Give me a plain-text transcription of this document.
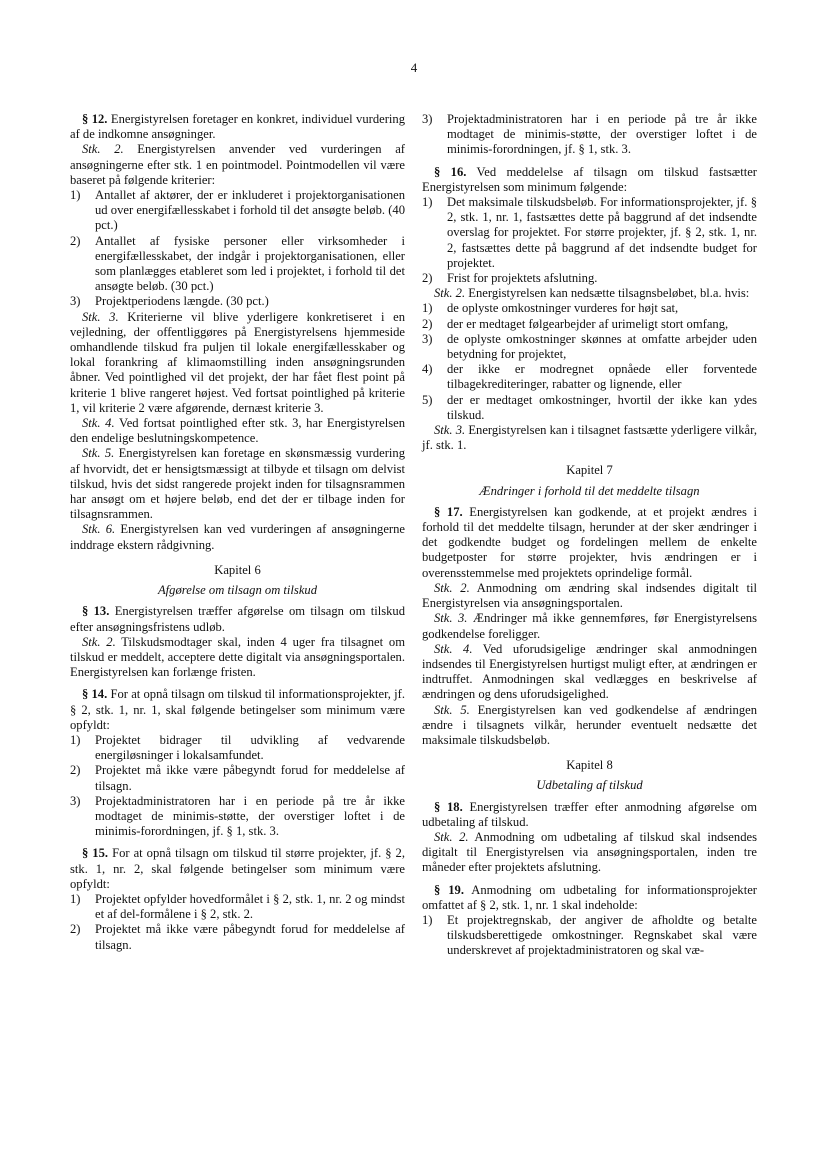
4

§ 12. Energistyrelsen foretager en konkret, individuel vurdering af de indkomne ansøgninger.

Stk. 2. Energistyrelsen anvender ved vurderingen af ansøgningerne efter stk. 1 en pointmodel. Pointmodellen vil være baseret på følgende kriterier:

1)	Antallet af aktører, der er inkluderet i projektorganisationen ud over energifællesskabet i forhold til det ansøgte beløb. (40 pct.)
2)	Antallet af fysiske personer eller virksomheder i energifællesskabet, der indgår i projektorganisationen, eller som planlægges etableret som led i projektet, i forhold til det ansøgte beløb. (30 pct.)
3)	Projektperiodens længde. (30 pct.)

Stk. 3. Kriterierne vil blive yderligere konkretiseret i en vejledning, der offentliggøres på Energistyrelsens hjemmeside omhandlende tilskud fra puljen til lokale energifællesskaber og lokal forankring af klimaomstilling inden ansøgningsrunden åbner. Ved pointlighed vil det projekt, der har fået flest point på kriterie 1 blive rangeret højest. Ved fortsat pointlighed på kriterie 1, vil kriterie 2 være afgørende, dernæst kriterie 3.

Stk. 4. Ved fortsat pointlighed efter stk. 3, har Energistyrelsen den endelige beslutningskompetence.

Stk. 5. Energistyrelsen kan foretage en skønsmæssig vurdering af hvorvidt, det er hensigtsmæssigt at tilbyde et tilsagn om delvist tilskud, hvis det sidst rangerede projekt inden for tilsagnsrammen har ansøgt om et højere beløb, end det der er tilbage inden for tilsagnsrammen.

Stk. 6. Energistyrelsen kan ved vurderingen af ansøgningerne inddrage ekstern rådgivning.

Kapitel 6
Afgørelse om tilsagn om tilskud

§ 13. Energistyrelsen træffer afgørelse om tilsagn om tilskud efter ansøgningsfristens udløb.

Stk. 2. Tilskudsmodtager skal, inden 4 uger fra tilsagnet om tilskud er meddelt, acceptere dette digitalt via ansøgningsportalen. Energistyrelsen kan forlænge fristen.

§ 14. For at opnå tilsagn om tilskud til informationsprojekter, jf. § 2, stk. 1, nr. 1, skal følgende betingelser som minimum være opfyldt:

1)	Projektet bidrager til udvikling af vedvarende energiløsninger i lokalsamfundet.
2)	Projektet må ikke være påbegyndt forud for meddelelse af tilsagn.
3)	Projektadministratoren har i en periode på tre år ikke modtaget de minimis-støtte, der overstiger loftet i de minimis-forordningen, jf. § 1, stk. 3.

§ 15. For at opnå tilsagn om tilskud til større projekter, jf. § 2, stk. 1, nr. 2, skal følgende betingelser som minimum være opfyldt:

1)	Projektet opfylder hovedformålet i § 2, stk. 1, nr. 2 og mindst et af del-formålene i § 2, stk. 2.
2)	Projektet må ikke være påbegyndt forud for meddelelse af tilsagn.
3)	Projektadministratoren har i en periode på tre år ikke modtaget de minimis-støtte, der overstiger loftet i de minimis-forordningen, jf. § 1, stk. 3.

§ 16. Ved meddelelse af tilsagn om tilskud fastsætter Energistyrelsen som minimum følgende:

1)	Det maksimale tilskudsbeløb. For informationsprojekter, jf. § 2, stk. 1, nr. 1, fastsættes dette på baggrund af det indsendte overslag for projektet. For større projekter, jf. § 2, stk. 1, nr. 2, fastsættes dette på baggrund af det indsendte budget for projektet.
2)	Frist for projektets afslutning.

Stk. 2. Energistyrelsen kan nedsætte tilsagnsbeløbet, bl.a. hvis:

1)	de oplyste omkostninger vurderes for højt sat,
2)	der er medtaget følgearbejder af urimeligt stort omfang,
3)	de oplyste omkostninger skønnes at omfatte arbejder uden betydning for projektet,
4)	der ikke er modregnet opnåede eller forventede tilbagekrediteringer, rabatter og lignende, eller
5)	der er medtaget omkostninger, hvortil der ikke kan ydes tilskud.

Stk. 3. Energistyrelsen kan i tilsagnet fastsætte yderligere vilkår, jf. stk. 1.

Kapitel 7
Ændringer i forhold til det meddelte tilsagn

§ 17. Energistyrelsen kan godkende, at et projekt ændres i forhold til det meddelte tilsagn, herunder at der sker ændringer i det godkendte budget og fordelingen mellem de enkelte budgetposter for større projekter, hvis ændringen er i overensstemmelse med projektets oprindelige formål.

Stk. 2. Anmodning om ændring skal indsendes digitalt til Energistyrelsen via ansøgningsportalen.

Stk. 3. Ændringer må ikke gennemføres, før Energistyrelsens godkendelse foreligger.

Stk. 4. Ved uforudsigelige ændringer skal anmodningen indsendes til Energistyrelsen hurtigst muligt efter, at ændringen er indtruffet. Anmodningen skal vedlægges en beskrivelse af ændringen og dens uforudsigelighed.

Stk. 5. Energistyrelsen kan ved godkendelse af ændringen ændre i tilsagnets vilkår, herunder eventuelt nedsætte det maksimale tilskudsbeløb.

Kapitel 8
Udbetaling af tilskud

§ 18. Energistyrelsen træffer efter anmodning afgørelse om udbetaling af tilskud.

Stk. 2. Anmodning om udbetaling af tilskud skal indsendes digitalt til Energistyrelsen via ansøgningsportalen, inden tre måneder efter projektets afslutning.

§ 19. Anmodning om udbetaling for informationsprojekter omfattet af § 2, stk. 1, nr. 1 skal indeholde:

1)	Et projektregnskab, der angiver de afholdte og betalte tilskudsberettigede omkostninger. Regnskabet skal være underskrevet af projektadministratoren og skal væ-
